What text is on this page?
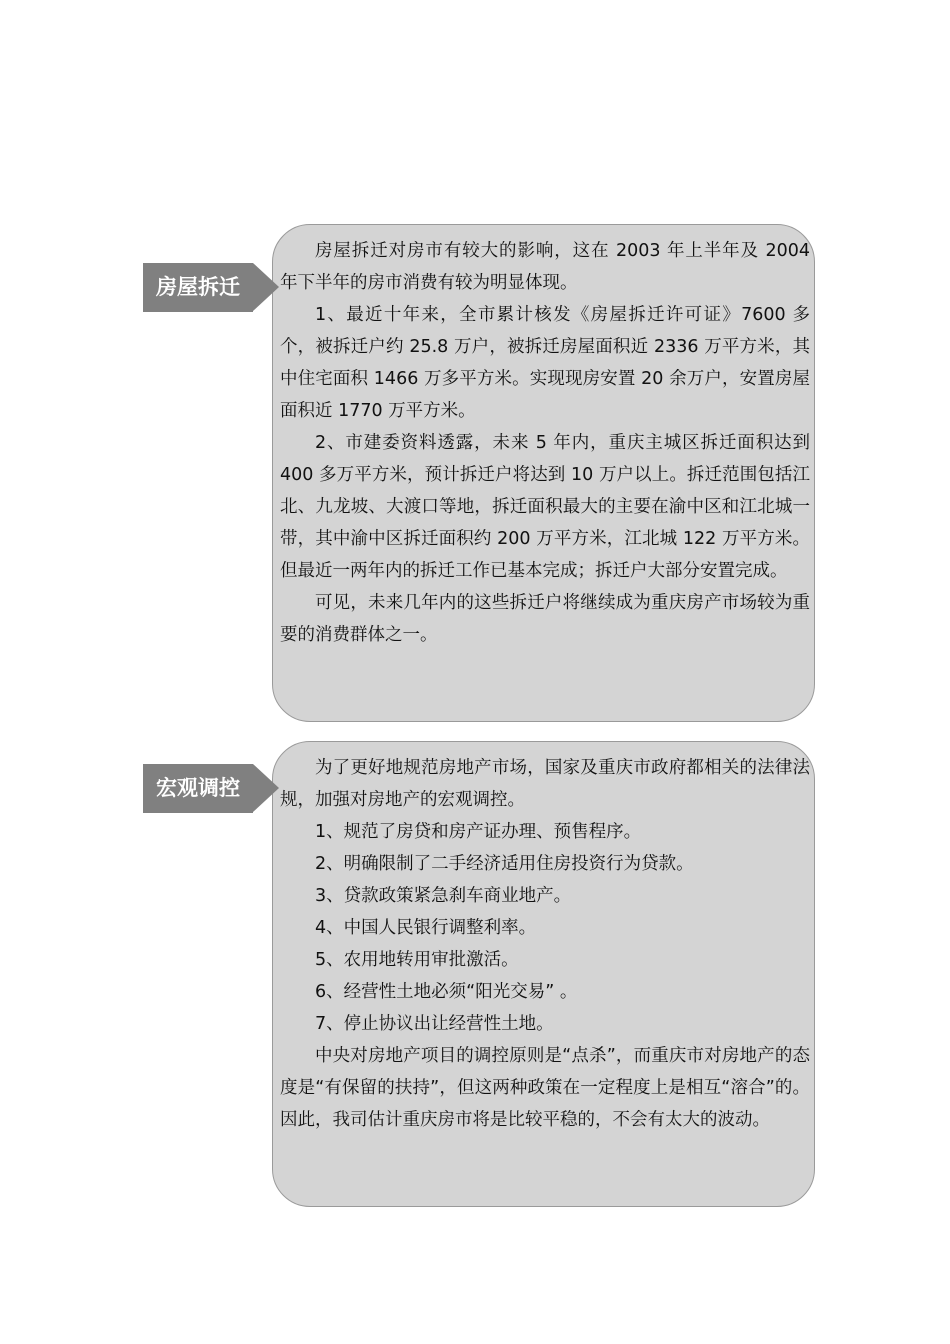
房屋拆迁

房屋拆迁对房市有较大的影响，这在 2003 年上半年及 2004 年下半年的房市消费有较为明显体现。

1、最近十年来，全市累计核发《房屋拆迁许可证》7600 多个，被拆迁户约 25.8 万户，被拆迁房屋面积近 2336 万平方米，其中住宅面积 1466 万多平方米。实现现房安置 20 余万户，安置房屋面积近 1770 万平方米。

2、市建委资料透露，未来 5 年内，重庆主城区拆迁面积达到 400 多万平方米，预计拆迁户将达到 10 万户以上。拆迁范围包括江北、九龙坡、大渡口等地，拆迁面积最大的主要在渝中区和江北城一带，其中渝中区拆迁面积约 200 万平方米，江北城 122 万平方米。但最近一两年内的拆迁工作已基本完成；拆迁户大部分安置完成。

可见，未来几年内的这些拆迁户将继续成为重庆房产市场较为重要的消费群体之一。

宏观调控

为了更好地规范房地产市场，国家及重庆市政府都相关的法律法规，加强对房地产的宏观调控。

1、规范了房贷和房产证办理、预售程序。

2、明确限制了二手经济适用住房投资行为贷款。

3、贷款政策紧急刹车商业地产。

4、中国人民银行调整利率。

5、农用地转用审批激活。

6、经营性土地必须“阳光交易” 。

7、停止协议出让经营性土地。

中央对房地产项目的调控原则是“点杀”，而重庆市对房地产的态度是“有保留的扶持”，但这两种政策在一定程度上是相互“溶合”的。因此，我司估计重庆房市将是比较平稳的，不会有太大的波动。
